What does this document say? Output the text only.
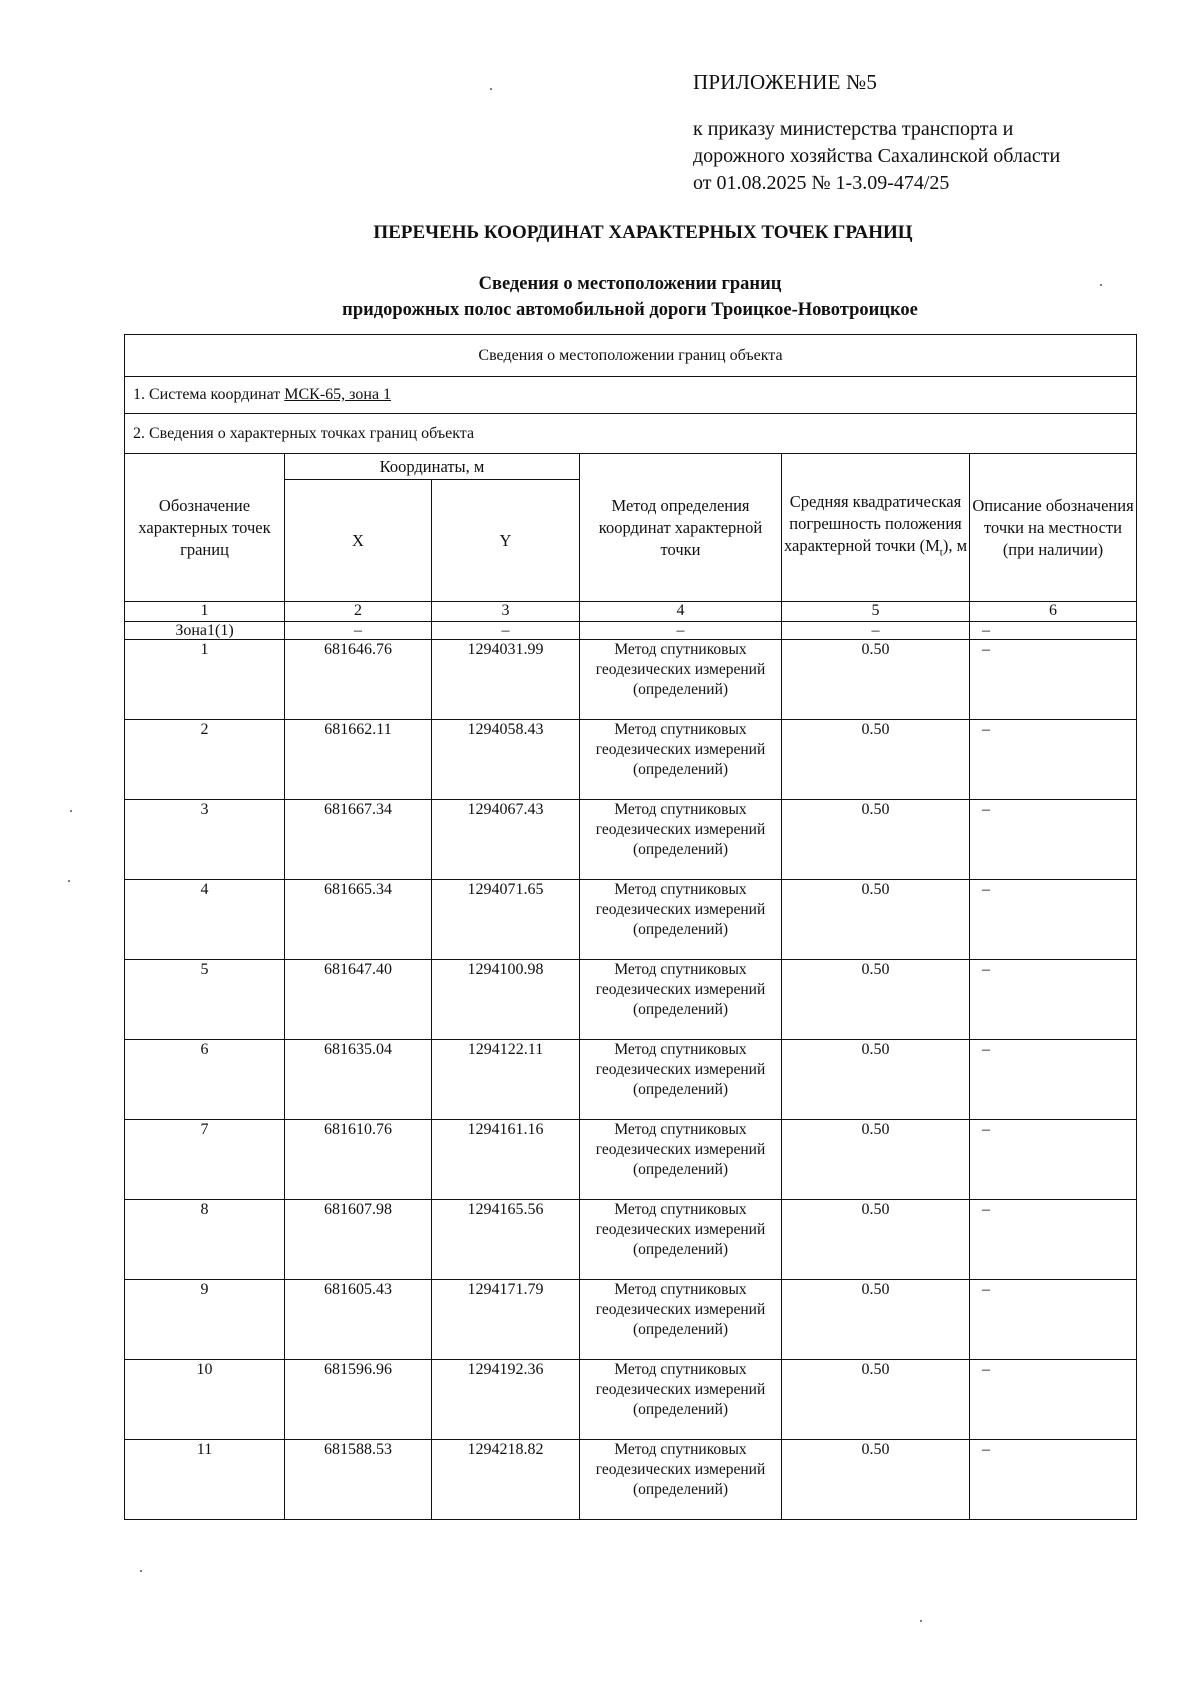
ПРИЛОЖЕНИЕ №5
к приказу министерства транспорта и
дорожного хозяйства Сахалинской области
от 01.08.2025 № 1-3.09-474/25
ПЕРЕЧЕНЬ КООРДИНАТ ХАРАКТЕРНЫХ ТОЧЕК ГРАНИЦ
Сведения о местоположении границ
придорожных полос автомобильной дороги Троицкое-Новотроицкое
Сведения о местоположении границ объекта					
1. Система координат МСК-65, зона 1					
2. Сведения о характерных точках границ объекта					
Обозначение характерных точек границ	Координаты, м		Метод определения координат характерной точки	Средняя квадратическая погрешность положения характерной точки $(M_t)$, м	Описание обозначения точки на местности (при наличии)
	X	Y			
1	2	3	4	5	6
Зона1(1)	–	–	–	–	–
1	681646.76	1294031.99	Метод спутниковых геодезических измерений (определений)	0.50	–
2	681662.11	1294058.43	Метод спутниковых геодезических измерений (определений)	0.50	–
3	681667.34	1294067.43	Метод спутниковых геодезических измерений (определений)	0.50	–
4	681665.34	1294071.65	Метод спутниковых геодезических измерений (определений)	0.50	–
5	681647.40	1294100.98	Метод спутниковых геодезических измерений (определений)	0.50	–
6	681635.04	1294122.11	Метод спутниковых геодезических измерений (определений)	0.50	–
7	681610.76	1294161.16	Метод спутниковых геодезических измерений (определений)	0.50	–
8	681607.98	1294165.56	Метод спутниковых геодезических измерений (определений)	0.50	–
9	681605.43	1294171.79	Метод спутниковых геодезических измерений (определений)	0.50	–
10	681596.96	1294192.36	Метод спутниковых геодезических измерений (определений)	0.50	–
11	681588.53	1294218.82	Метод спутниковых геодезических измерений (определений)	0.50	–
